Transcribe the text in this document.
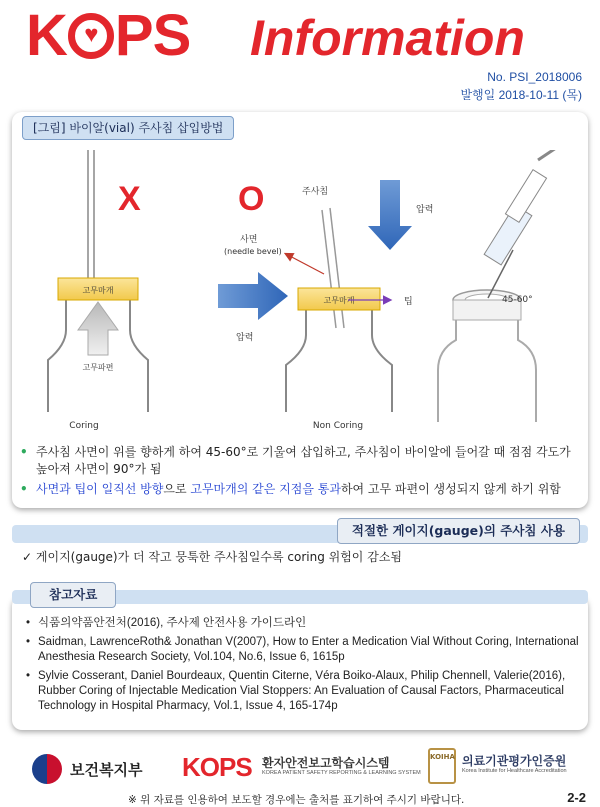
K♥ PS Information
No. PSI_2018006
발행일 2018-10-11 (목)
[그림] 바이알(vial) 주사침 삽입방법
X	O
고무마개
고무파편
Coring
압력
고무마개
주사침
사면
(needle bevel)
팁
Non Coring
압력
45-60°
• 주사침 사면이 위를 향하게 하여 45-60°로 기울여 삽입하고, 주사침이 바이알에 들어갈 때 점점 각도가 높아져 사면이 90°가 됨
• 사면과 팁이 일직선 방향으로 고무마개의 같은 지점을 통과하여 고무 파편이 생성되지 않게 하기 위함
적절한 게이지(gauge)의 주사침 사용
✓ 게이지(gauge)가 더 작고 뭉툭한 주사침일수록 coring 위험이 감소됨
참고자료
• 식품의약품안전처(2016), 주사제 안전사용 가이드라인
• Saidman, LawrenceRoth& Jonathan V(2007), How to Enter a Medication Vial Without Coring, International Anesthesia Research Society, Vol.104, No.6, Issue 6, 1615p
• Sylvie Cosserant, Daniel Bourdeaux, Quentin Citerne, Véra Boiko-Alaux, Philip Chennell, Valerie(2016), Rubber Coring of Injectable Medication Vial Stoppers: An Evaluation of Causal Factors, Pharmaceutical Technology in Hospital Pharmacy, Vol.1, Issue 4, 165-174p
보건복지부 KOPS 환자안전보고학습시스템
KOREA PATIENT SAFETY REPORTING & LEARNING SYSTEM
KOIHA 의료기관평가인증원
Korea Institute for Healthcare Accreditation
※ 위 자료를 인용하여 보도할 경우에는 출처를 표기하여 주시기 바랍니다.	2-2
